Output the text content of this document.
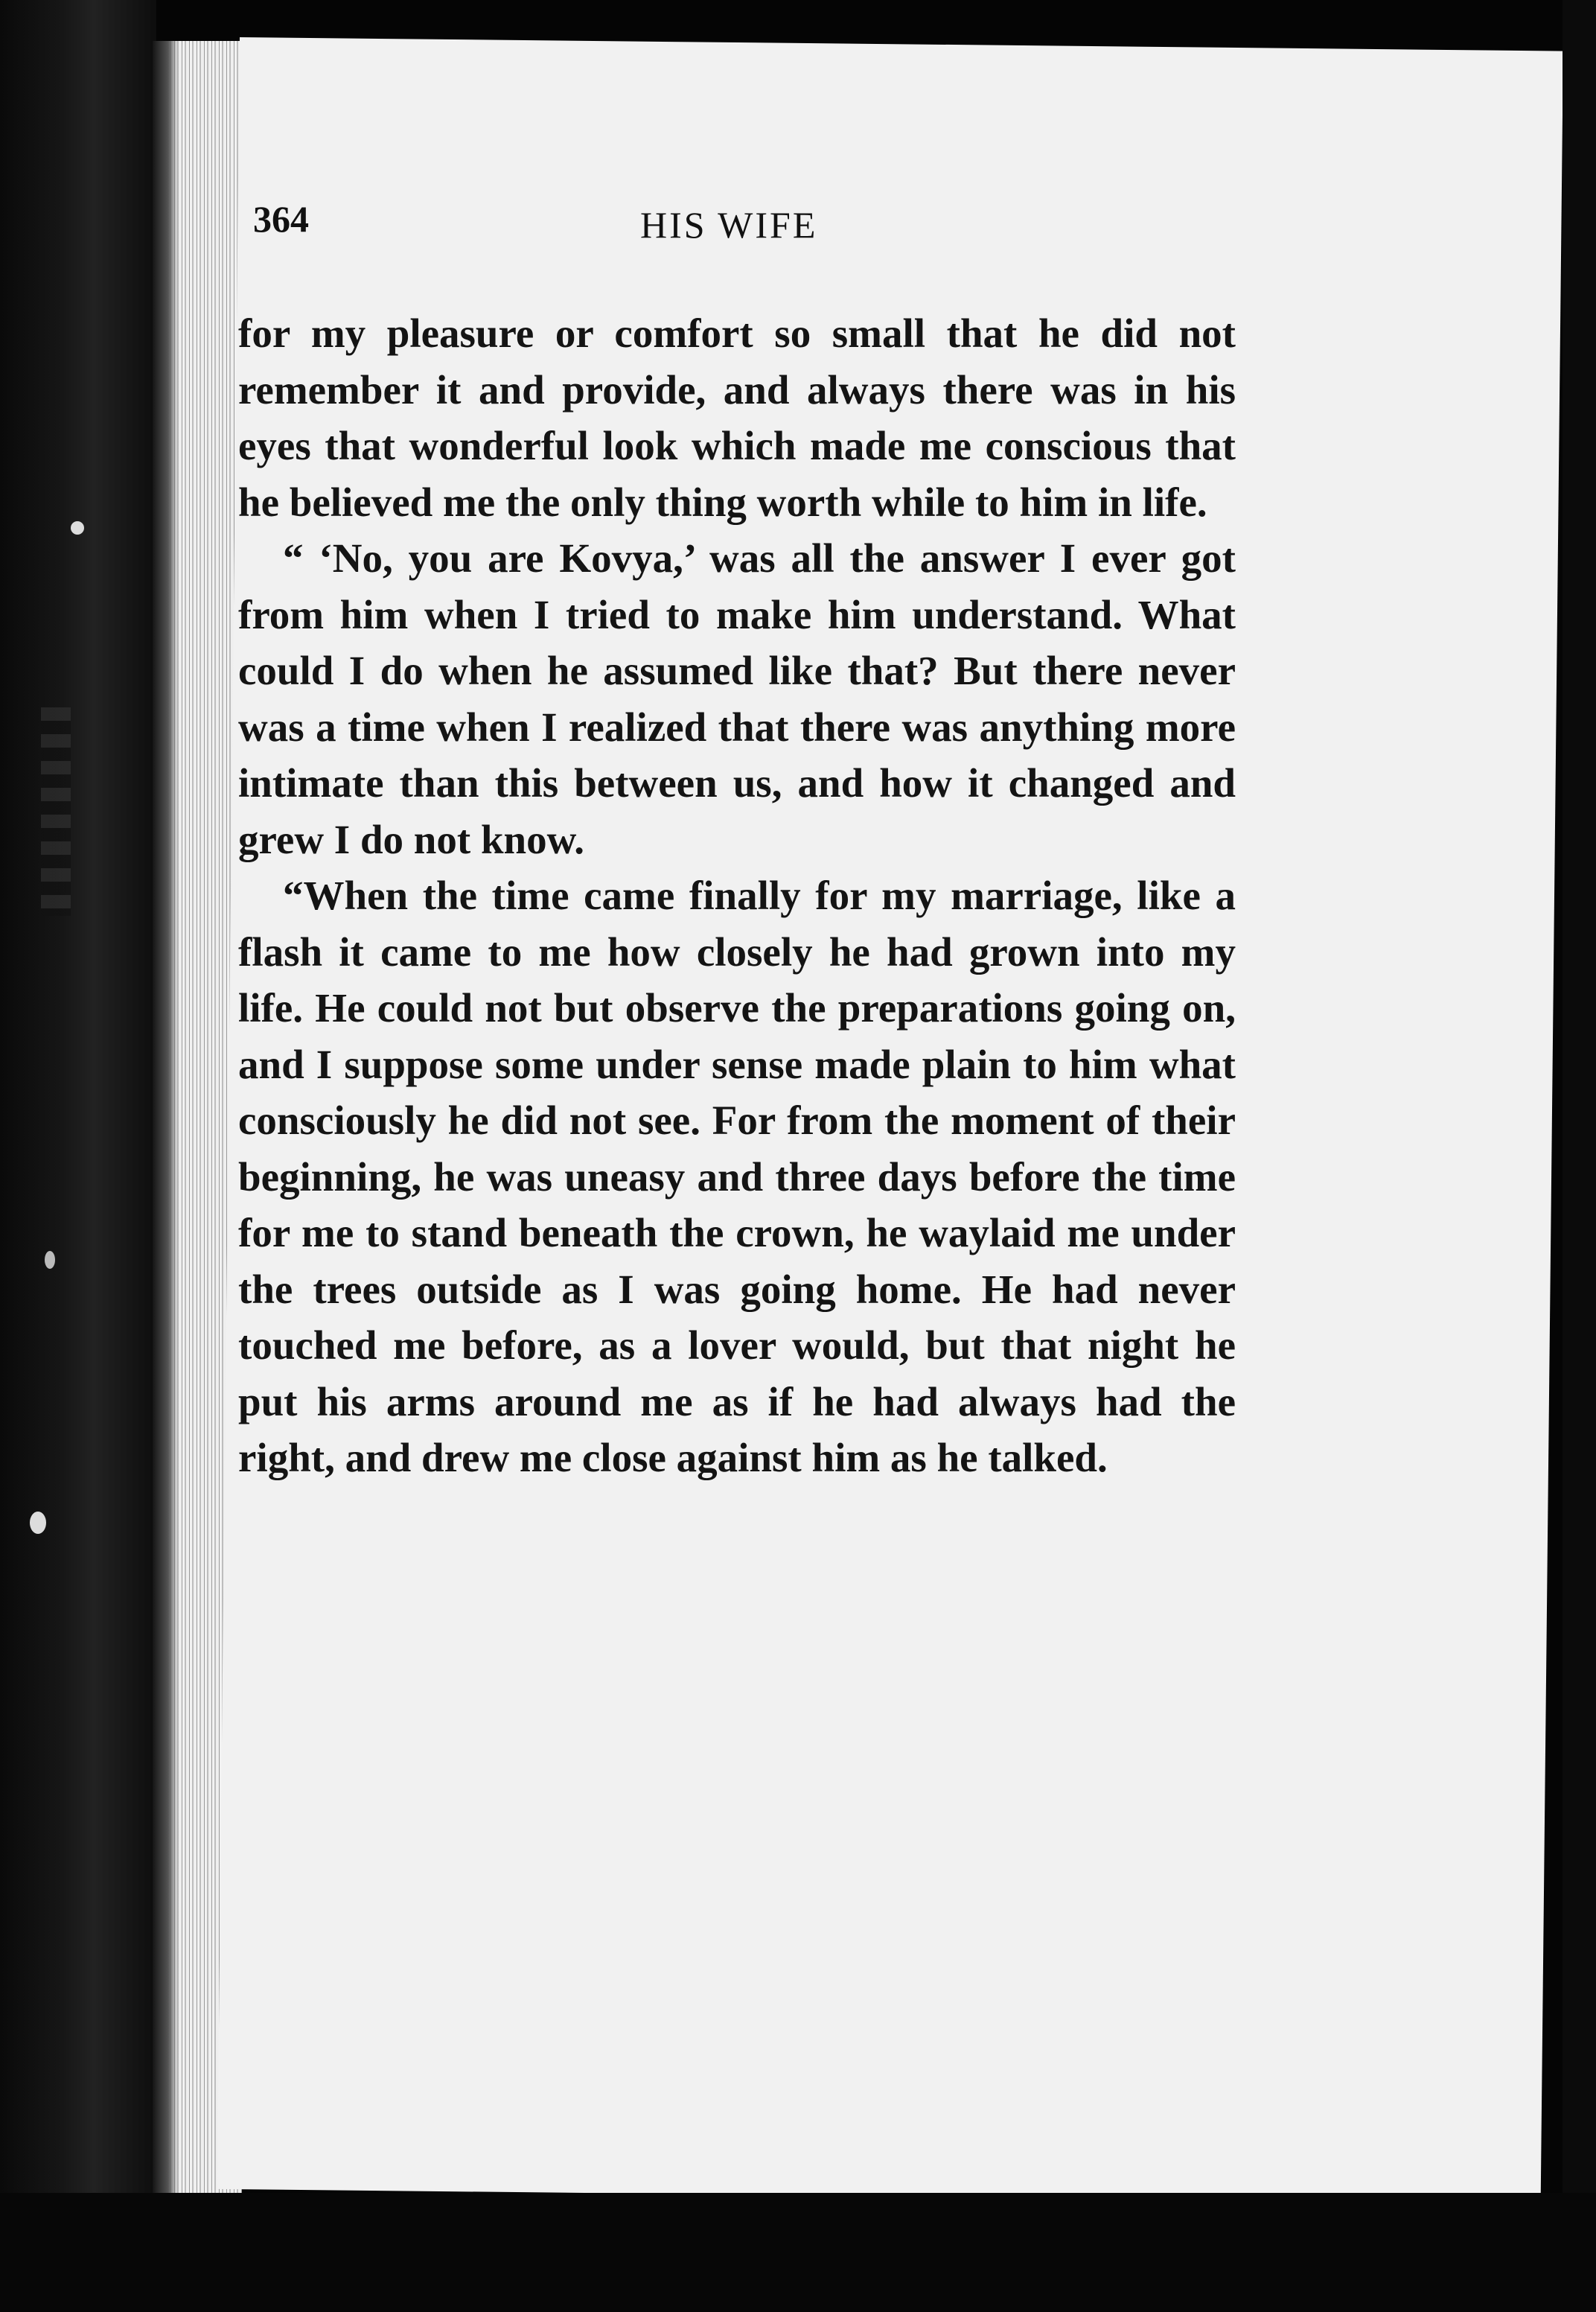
364	HIS WIFE

for my pleasure or comfort so small that he did not remember it and provide, and always there was in his eyes that wonderful look which made me conscious that he believed me the only thing worth while to him in life.

“ ‘No, you are Kovya,’ was all the answer I ever got from him when I tried to make him understand. What could I do when he assumed like that? But there never was a time when I realized that there was anything more intimate than this between us, and how it changed and grew I do not know.

“When the time came finally for my marriage, like a flash it came to me how closely he had grown into my life. He could not but observe the preparations going on, and I suppose some under sense made plain to him what consciously he did not see. For from the moment of their beginning, he was uneasy and three days before the time for me to stand beneath the crown, he waylaid me under the trees outside as I was going home. He had never touched me before, as a lover would, but that night he put his arms around me as if he had always had the right, and drew me close against him as he talked.
